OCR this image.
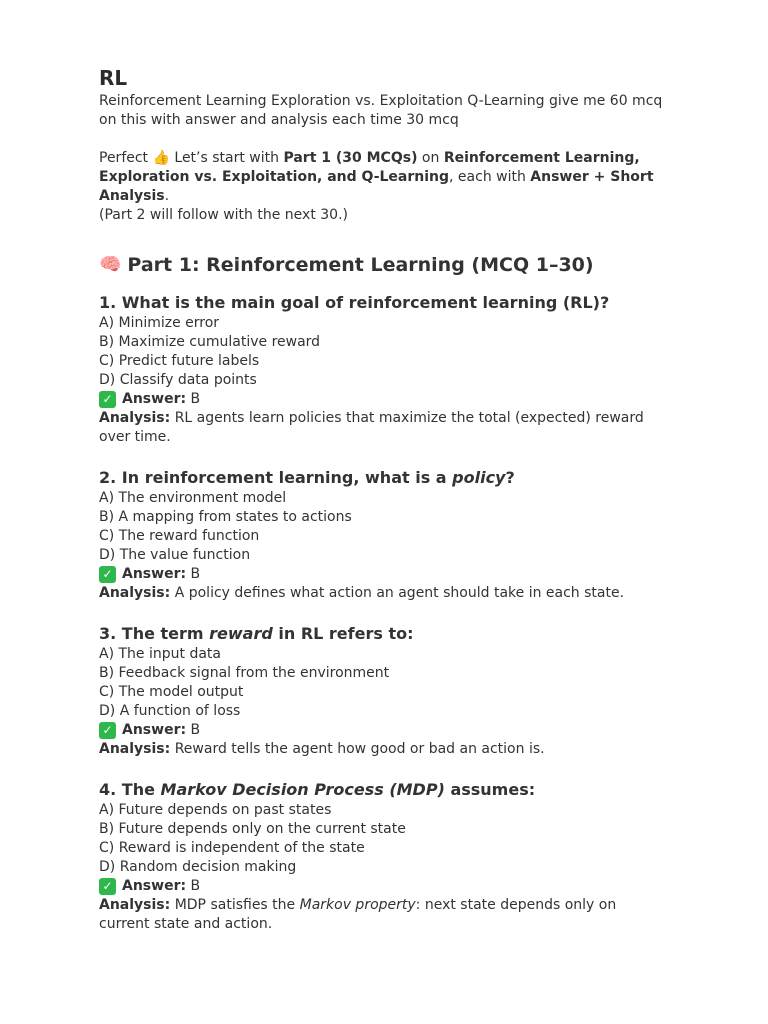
RL

Reinforcement Learning Exploration vs. Exploitation Q-Learning give me 60 mcq on this with answer and analysis each time 30 mcq

Perfect 👍 Let’s start with Part 1 (30 MCQs) on Reinforcement Learning, Exploration vs. Exploitation, and Q-Learning, each with Answer + Short Analysis.

(Part 2 will follow with the next 30.)

🧠 Part 1: Reinforcement Learning (MCQ 1–30)

1. What is the main goal of reinforcement learning (RL)?

A) Minimize error

B) Maximize cumulative reward

C) Predict future labels

D) Classify data points

✓ Answer: B

Analysis: RL agents learn policies that maximize the total (expected) reward over time.

2. In reinforcement learning, what is a policy?

A) The environment model

B) A mapping from states to actions

C) The reward function

D) The value function

✓ Answer: B

Analysis: A policy defines what action an agent should take in each state.

3. The term reward in RL refers to:

A) The input data

B) Feedback signal from the environment

C) The model output

D) A function of loss

✓ Answer: B

Analysis: Reward tells the agent how good or bad an action is.

4. The Markov Decision Process (MDP) assumes:

A) Future depends on past states

B) Future depends only on the current state

C) Reward is independent of the state

D) Random decision making

✓ Answer: B

Analysis: MDP satisfies the Markov property: next state depends only on current state and action.
